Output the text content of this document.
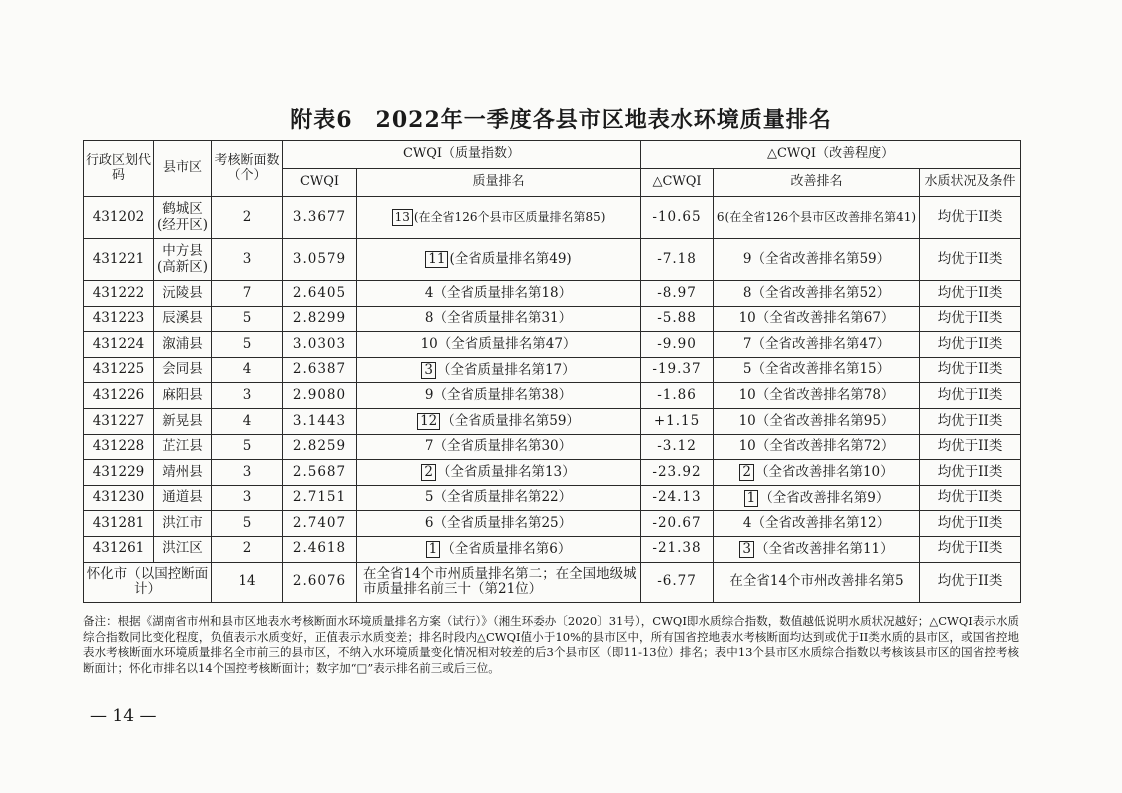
附表6　2022年一季度各县市区地表水环境质量排名
行政区划代码	县市区	考核断面数（个）	CWQI（质量指数）		△CWQI（改善程度）		
			CWQI	质量排名	△CWQI	改善排名	水质状况及条件
431202	鹤城区(经开区)	2	3.3677	13 (在全省126个县市区质量排名第85)	-10.65	6(在全省126个县市区改善排名第41)	均优于II类
431221	中方县(高新区)	3	3.0579	11 (全省质量排名第49)	-7.18	9（全省改善排名第59）	均优于II类
431222	沅陵县	7	2.6405	4（全省质量排名第18）	-8.97	8（全省改善排名第52）	均优于II类
431223	辰溪县	5	2.8299	8（全省质量排名第31）	-5.88	10（全省改善排名第67）	均优于II类
431224	溆浦县	5	3.0303	10（全省质量排名第47）	-9.90	7（全省改善排名第47）	均优于II类
431225	会同县	4	2.6387	3 （全省质量排名第17）	-19.37	5（全省改善排名第15）	均优于II类
431226	麻阳县	3	2.9080	9（全省质量排名第38）	-1.86	10（全省改善排名第78）	均优于II类
431227	新晃县	4	3.1443	12 （全省质量排名第59）	+1.15	10（全省改善排名第95）	均优于II类
431228	芷江县	5	2.8259	7（全省质量排名第30）	-3.12	10（全省改善排名第72）	均优于II类
431229	靖州县	3	2.5687	2 （全省质量排名第13）	-23.92	2 （全省改善排名第10）	均优于II类
431230	通道县	3	2.7151	5（全省质量排名第22）	-24.13	1 （全省改善排名第9）	均优于II类
431281	洪江市	5	2.7407	6（全省质量排名第25）	-20.67	4（全省改善排名第12）	均优于II类
431261	洪江区	2	2.4618	1 （全省质量排名第6）	-21.38	3 （全省改善排名第11）	均优于II类
怀化市（以国控断面计）		14	2.6076	在全省14个市州质量排名第二；在全国地级城市质量排名前三十（第21位）	-6.77	在全省14个市州改善排名第5	均优于II类
备注：根据《湖南省市州和县市区地表水考核断面水环境质量排名方案（试行）》（湘生环委办〔2020〕31号），CWQI即水质综合指数，数值越低说明水质状况越好；△CWQI表示水质综合指数同比变化程度，负值表示水质变好，正值表示水质变差；排名时段内△CWQI值小于10%的县市区中，所有国省控地表水考核断面均达到或优于II类水质的县市区，或国省控地表水考核断面水环境质量排名全市前三的县市区，不纳入水环境质量变化情况相对较差的后3个县市区（即11-13位）排名；表中13个县市区水质综合指数以考核该县市区的国省控考核断面计；怀化市排名以14个国控考核断面计；数字加“□”表示排名前三或后三位。
— 14 —
